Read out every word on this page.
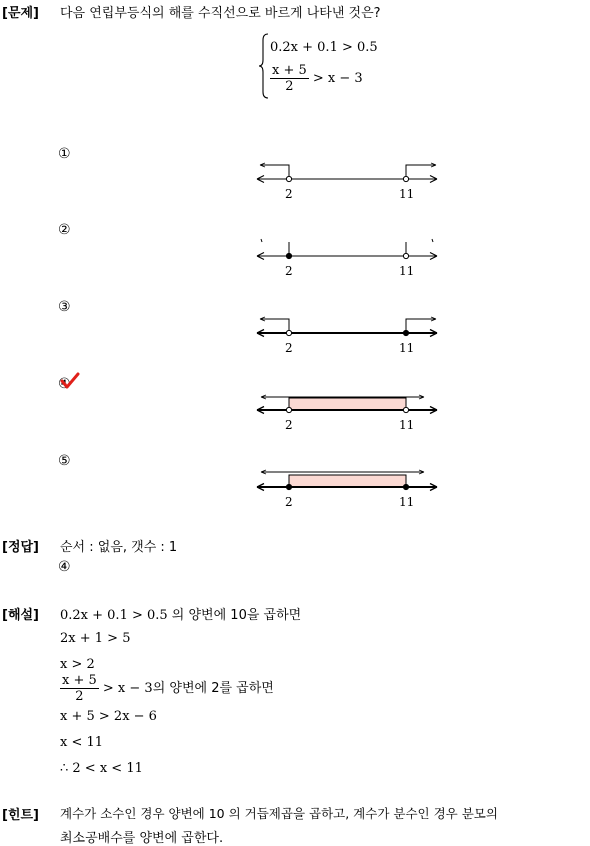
[문제] 다음 연립부등식의 해를 수직선으로 바르게 나타낸 것은?
0.2x + 0.1 > 0.5
$\frac{x + 5}{2} > x - 3$
①
②
③
④
⑤
2	11
2	11
2	11
2	11
2	11
[정답] 순서 : 없음, 갯수 : 1
④
[해설] 0.2x + 0.1 > 0.5 의 양변에 10을 곱하면
2x + 1 > 5
x > 2
$\frac{x + 5}{2} > x - 3$의 양변에 2를 곱하면
x + 5 > 2x − 6
x < 11
∴ 2 < x < 11
[힌트] 계수가 소수인 경우 양변에 10 의 거듭제곱을 곱하고, 계수가 분수인 경우 분모의
최소공배수를 양변에 곱한다.
